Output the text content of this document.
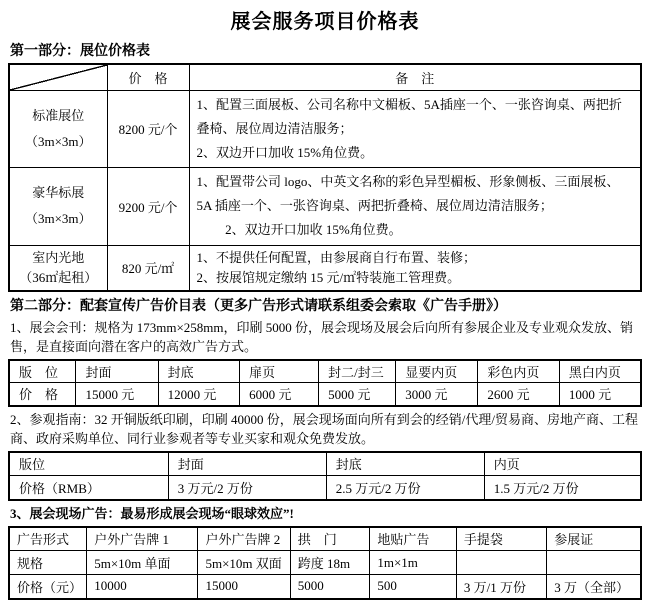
展会服务项目价格表
第一部分：展位价格表
	价　格	备　注

标准展位
（3m×3m）
	8200 元/个	
1、配置三面展板、公司名称中文楣板、5A插座一个、一张咨询桌、两把折叠椅、展位周边清洁服务；
2、双边开口加收 15%角位费。

豪华标展
（3m×3m）
	9200 元/个	
1、配置带公司 logo、中英文名称的彩色异型楣板、形象侧板、三面展板、5A 插座一个、一张咨询桌、两把折叠椅、展位周边清洁服务；
2、双边开口加收 15%角位费。

室内光地
（36㎡起租）
	820 元/㎡	
1、不提供任何配置，由参展商自行布置、装修；
2、按展馆规定缴纳 15 元/㎡特装施工管理费。
第二部分：配套宣传广告价目表（更多广告形式请联系组委会索取《广告手册》）
1、展会会刊：规格为 173mm×258mm，印刷 5000 份，展会现场及展会后向所有参展企业及专业观众发放、销售，是直接面向潜在客户的高效广告方式。
版　位	封面	封底	扉页	封二/封三	显要内页	彩色内页	黑白内页
价　格	15000 元	12000 元	6000 元	5000 元	3000 元	2600 元	1000 元
2、参观指南：32 开铜版纸印刷，印刷 40000 份，展会现场面向所有到会的经销/代理/贸易商、房地产商、工程商、政府采购单位、同行业参观者等专业买家和观众免费发放。
版位	封面	封底	内页
价格（RMB）	3 万元/2 万份	2.5 万元/2 万份	1.5 万元/2 万份
3、展会现场广告：最易形成展会现场“眼球效应”!
广告形式	户外广告牌 1	户外广告牌 2	拱　门	地贴广告	手提袋	参展证
规格	5m×10m 单面	5m×10m 双面	跨度 18m	1m×1m		
价格（元）	10000	15000	5000	500	3 万/1 万份	3 万（全部）
